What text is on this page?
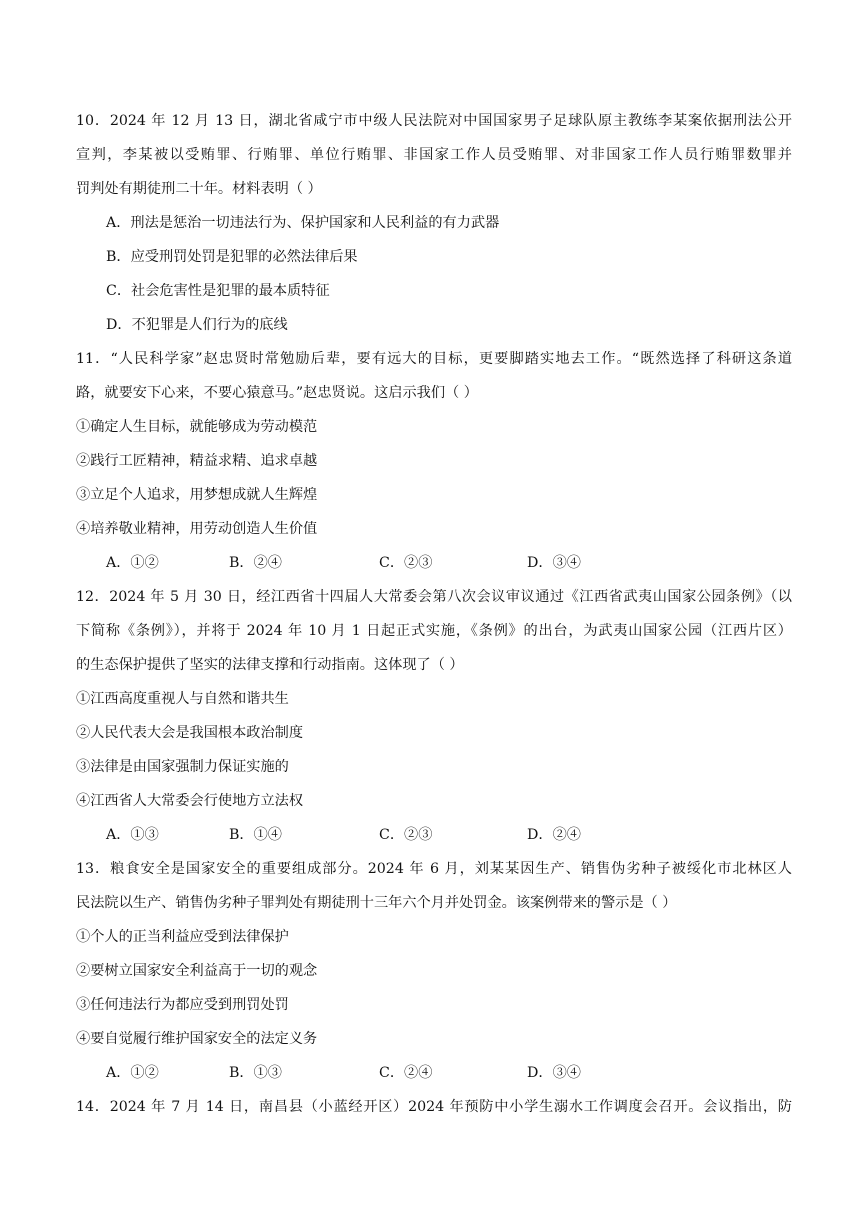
10．2024 年 12 月 13 日，湖北省咸宁市中级人民法院对中国国家男子足球队原主教练李某案依据刑法公开
宣判，李某被以受贿罪、行贿罪、单位行贿罪、非国家工作人员受贿罪、对非国家工作人员行贿罪数罪并
罚判处有期徒刑二十年。材料表明（ ）
A．刑法是惩治一切违法行为、保护国家和人民利益的有力武器
B．应受刑罚处罚是犯罪的必然法律后果
C．社会危害性是犯罪的最本质特征
D．不犯罪是人们行为的底线
11．“人民科学家”赵忠贤时常勉励后辈，要有远大的目标，更要脚踏实地去工作。“既然选择了科研这条道
路，就要安下心来，不要心猿意马。”赵忠贤说。这启示我们（ ）
①确定人生目标，就能够成为劳动模范
②践行工匠精神，精益求精、追求卓越
③立足个人追求，用梦想成就人生辉煌
④培养敬业精神，用劳动创造人生价值
A．①②	B．②④	C．②③	D．③④
12．2024 年 5 月 30 日，经江西省十四届人大常委会第八次会议审议通过《江西省武夷山国家公园条例》（以
下简称《条例》），并将于 2024 年 10 月 1 日起正式实施，《条例》的出台，为武夷山国家公园（江西片区）
的生态保护提供了坚实的法律支撑和行动指南。这体现了（ ）
①江西高度重视人与自然和谐共生
②人民代表大会是我国根本政治制度
③法律是由国家强制力保证实施的
④江西省人大常委会行使地方立法权
A．①③	B．①④	C．②③	D．②④
13．粮食安全是国家安全的重要组成部分。2024 年 6 月，刘某某因生产、销售伪劣种子被绥化市北林区人
民法院以生产、销售伪劣种子罪判处有期徒刑十三年六个月并处罚金。该案例带来的警示是（ ）
①个人的正当利益应受到法律保护
②要树立国家安全利益高于一切的观念
③任何违法行为都应受到刑罚处罚
④要自觉履行维护国家安全的法定义务
A．①②	B．①③	C．②④	D．③④
14．2024 年 7 月 14 日，南昌县（小蓝经开区）2024 年预防中小学生溺水工作调度会召开。会议指出，防
